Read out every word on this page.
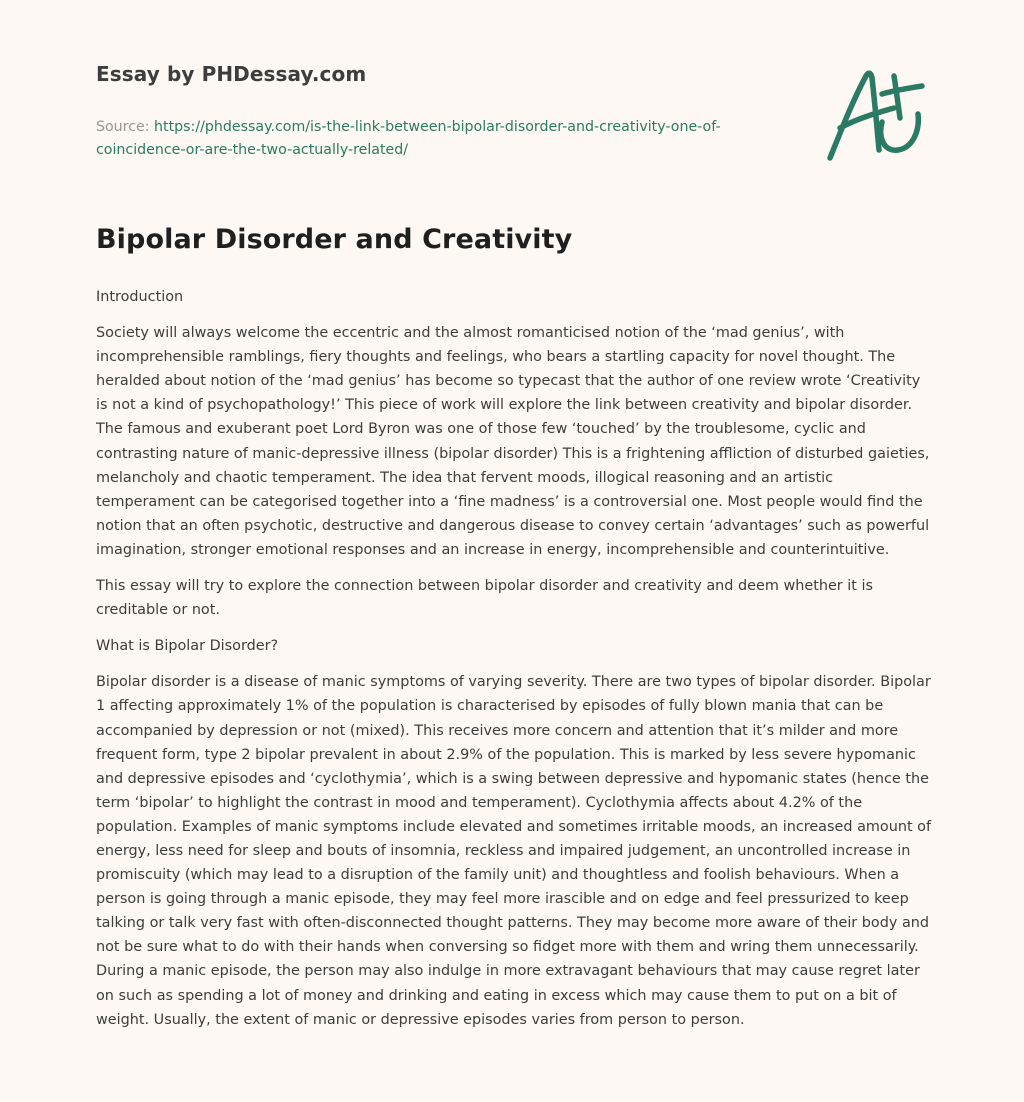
Essay by PHDessay.com

Source: https://phdessay.com/is-the-link-between-bipolar-disorder-and-creativity-one-of-
coincidence-or-are-the-two-actually-related/
Bipolar Disorder and Creativity

Introduction

Society will always welcome the eccentric and the almost romanticised notion of the ‘mad genius’, with incomprehensible ramblings, fiery thoughts and feelings, who bears a startling capacity for novel thought. The heralded about notion of the ‘mad genius’ has become so typecast that the author of one review wrote ‘Creativity is not a kind of psychopathology!’ This piece of work will explore the link between creativity and bipolar disorder. The famous and exuberant poet Lord Byron was one of those few ‘touched’ by the troublesome, cyclic and contrasting nature of manic-depressive illness (bipolar disorder) This is a frightening affliction of disturbed gaieties, melancholy and chaotic temperament. The idea that fervent moods, illogical reasoning and an artistic temperament can be categorised together into a ‘fine madness’ is a controversial one. Most people would find the notion that an often psychotic, destructive and dangerous disease to convey certain ‘advantages’ such as powerful imagination, stronger emotional responses and an increase in energy, incomprehensible and counterintuitive.

This essay will try to explore the connection between bipolar disorder and creativity and deem whether it is creditable or not.

What is Bipolar Disorder?

Bipolar disorder is a disease of manic symptoms of varying severity. There are two types of bipolar disorder. Bipolar 1 affecting approximately 1% of the population is characterised by episodes of fully blown mania that can be accompanied by depression or not (mixed). This receives more concern and attention that it’s milder and more frequent form, type 2 bipolar prevalent in about 2.9% of the population. This is marked by less severe hypomanic and depressive episodes and ‘cyclothymia’, which is a swing between depressive and hypomanic states (hence the term ‘bipolar’ to highlight the contrast in mood and temperament). Cyclothymia affects about 4.2% of the population. Examples of manic symptoms include elevated and sometimes irritable moods, an increased amount of energy, less need for sleep and bouts of insomnia, reckless and impaired judgement, an uncontrolled increase in promiscuity (which may lead to a disruption of the family unit) and thoughtless and foolish behaviours. When a person is going through a manic episode, they may feel more irascible and on edge and feel pressurized to keep talking or talk very fast with often-disconnected thought patterns. They may become more aware of their body and not be sure what to do with their hands when conversing so fidget more with them and wring them unnecessarily. During a manic episode, the person may also indulge in more extravagant behaviours that may cause regret later on such as spending a lot of money and drinking and eating in excess which may cause them to put on a bit of weight. Usually, the extent of manic or depressive episodes varies from person to person.
